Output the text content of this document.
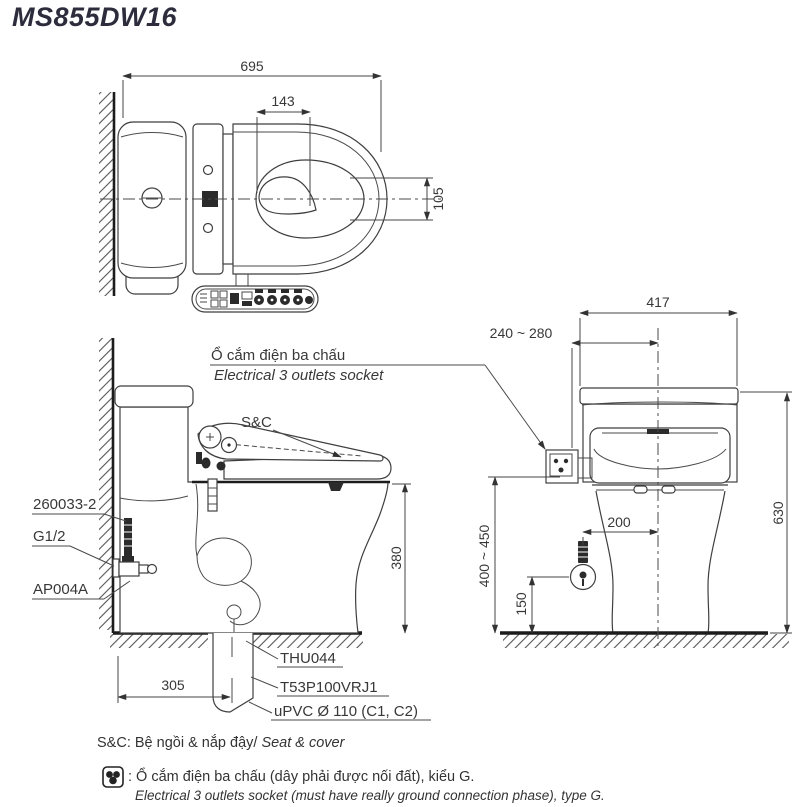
MS855DW16
695
143
105
305
380
Ổ cắm điện ba chấu
Electrical 3 outlets socket
S&C
260033-2
G1/2
AP004A
THU044
T53P100VRJ1
uPVC Ø 110 (C1, C2)
417
240 ~ 280
630
400 ~ 450
200
150
S&C: Bệ ngồi & nắp đậy/ Seat & cover
: Ổ cắm điện ba chấu (dây phải được nối đất), kiểu G.
Electrical 3 outlets socket (must have really ground connection phase), type G.
